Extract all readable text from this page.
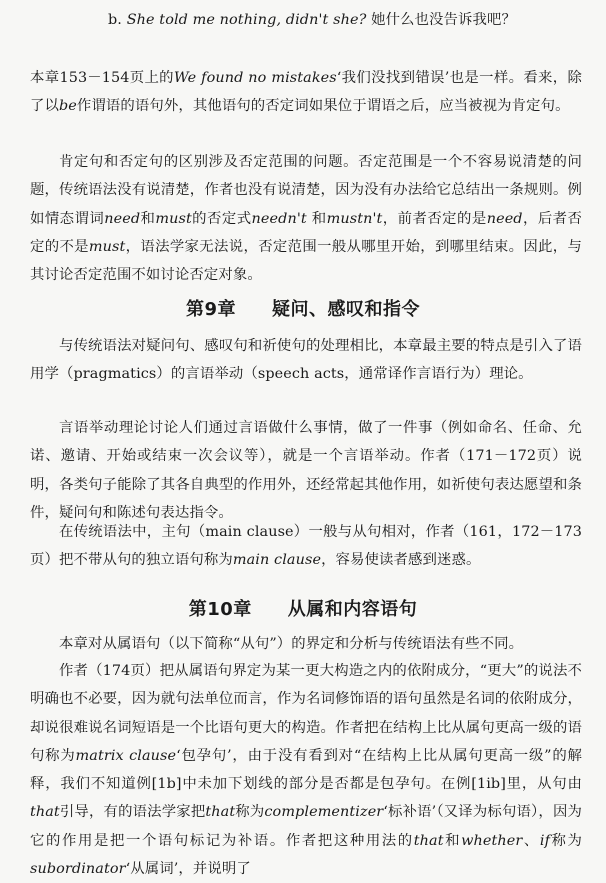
b. She told me nothing, didn't she? 她什么也没告诉我吧？

本章153－154页上的We found no mistakes‘我们没找到错误’也是一样。看来，除了以be作谓语的语句外，其他语句的否定词如果位于谓语之后，应当被视为肯定句。

肯定句和否定句的区别涉及否定范围的问题。否定范围是一个不容易说清楚的问题，传统语法没有说清楚，作者也没有说清楚，因为没有办法给它总结出一条规则。例如情态谓词need和must的否定式needn't 和mustn't，前者否定的是need，后者否定的不是must，语法学家无法说，否定范围一般从哪里开始，到哪里结束。因此，与其讨论否定范围不如讨论否定对象。

第9章 疑问、感叹和指令

与传统语法对疑问句、感叹句和祈使句的处理相比，本章最主要的特点是引入了语用学（pragmatics）的言语举动（speech acts，通常译作言语行为）理论。

言语举动理论讨论人们通过言语做什么事情，做了一件事（例如命名、任命、允诺、邀请、开始或结束一次会议等），就是一个言语举动。作者（171－172页）说明，各类句子能除了其各自典型的作用外，还经常起其他作用，如祈使句表达愿望和条件，疑问句和陈述句表达指令。

在传统语法中，主句（main clause）一般与从句相对，作者（161，172－173页）把不带从句的独立语句称为main clause，容易使读者感到迷惑。

第10章 从属和内容语句

本章对从属语句（以下简称“从句”）的界定和分析与传统语法有些不同。

作者（174页）把从属语句界定为某一更大构造之内的依附成分，“更大”的说法不明确也不必要，因为就句法单位而言，作为名词修饰语的语句虽然是名词的依附成分，却说很难说名词短语是一个比语句更大的构造。作者把在结构上比从属句更高一级的语句称为matrix clause‘包孕句’，由于没有看到对“在结构上比从属句更高一级”的解释，我们不知道例[1b]中未加下划线的部分是否都是包孕句。在例[1ib]里，从句由that引导，有的语法学家把that称为complementizer‘标补语’（又译为标句语），因为它的作用是把一个语句标记为补语。作者把这种用法的that和whether、if称为subordinator‘从属词’，并说明了
